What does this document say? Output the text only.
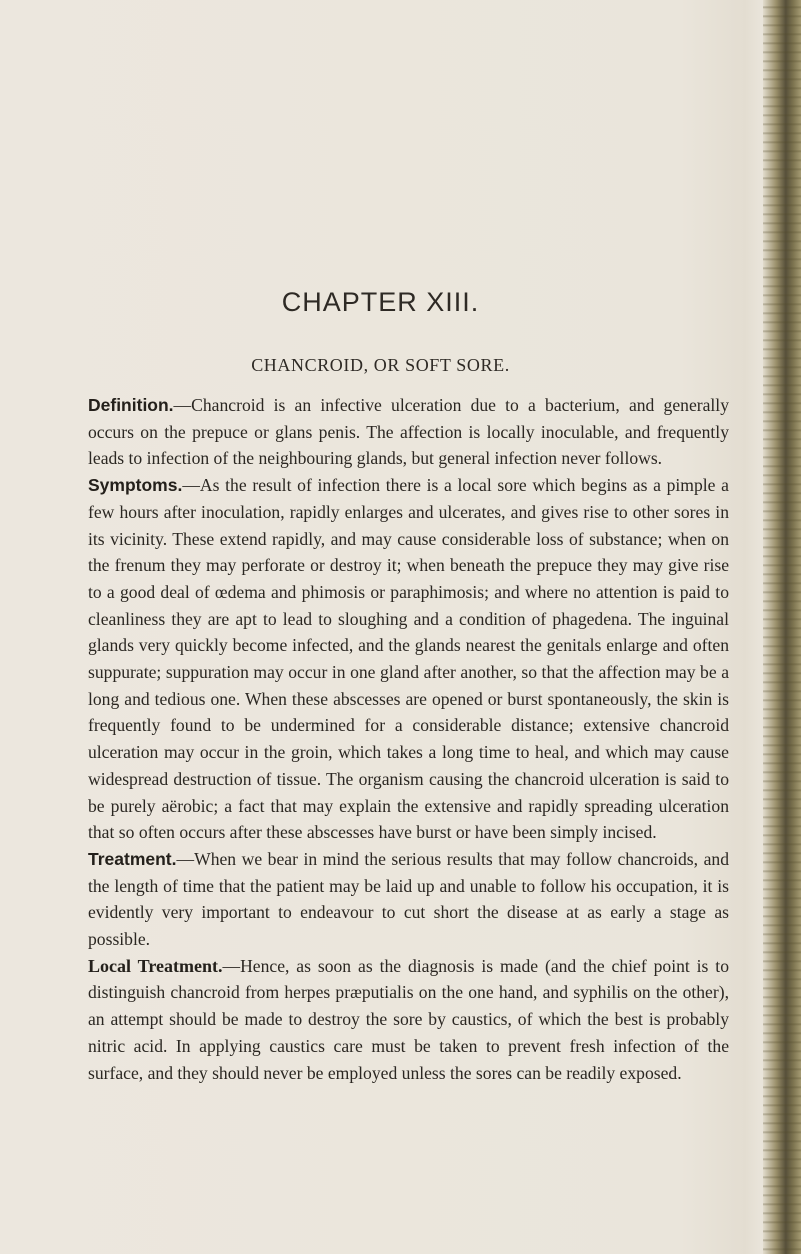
CHAPTER XIII.
CHANCROID, OR SOFT SORE.

Definition.—Chancroid is an infective ulceration due to a bacterium, and generally occurs on the prepuce or glans penis. The affection is locally inoculable, and frequently leads to infection of the neighbouring glands, but general infection never follows.

Symptoms.—As the result of infection there is a local sore which begins as a pimple a few hours after inoculation, rapidly enlarges and ulcerates, and gives rise to other sores in its vicinity. These extend rapidly, and may cause considerable loss of substance; when on the frenum they may perforate or destroy it; when beneath the prepuce they may give rise to a good deal of œdema and phimosis or paraphimosis; and where no attention is paid to cleanliness they are apt to lead to sloughing and a condition of phagedena. The inguinal glands very quickly become infected, and the glands nearest the genitals enlarge and often suppurate; suppuration may occur in one gland after another, so that the affection may be a long and tedious one. When these abscesses are opened or burst spontaneously, the skin is frequently found to be undermined for a considerable distance; extensive chancroid ulceration may occur in the groin, which takes a long time to heal, and which may cause widespread destruction of tissue. The organism causing the chancroid ulceration is said to be purely aërobic; a fact that may explain the extensive and rapidly spreading ulceration that so often occurs after these abscesses have burst or have been simply incised.

Treatment.—When we bear in mind the serious results that may follow chancroids, and the length of time that the patient may be laid up and unable to follow his occupation, it is evidently very important to endeavour to cut short the disease at as early a stage as possible.

Local Treatment.—Hence, as soon as the diagnosis is made (and the chief point is to distinguish chancroid from herpes præputialis on the one hand, and syphilis on the other), an attempt should be made to destroy the sore by caustics, of which the best is probably nitric acid. In applying caustics care must be taken to prevent fresh infection of the surface, and they should never be employed unless the sores can be readily exposed.
